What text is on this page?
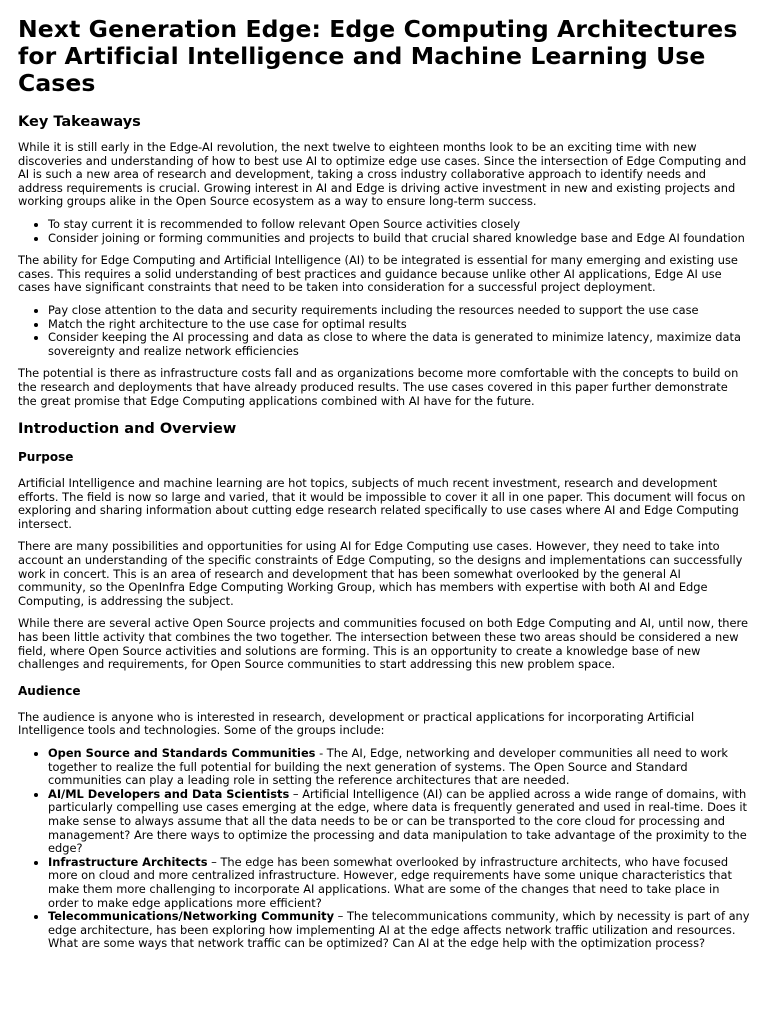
Next Generation Edge: Edge Computing Architectures for Artificial Intelligence and Machine Learning Use Cases
Key Takeaways

While it is still early in the Edge-AI revolution, the next twelve to eighteen months look to be an exciting time with new discoveries and understanding of how to best use AI to optimize edge use cases. Since the intersection of Edge Computing and AI is such a new area of research and development, taking a cross industry collaborative approach to identify needs and address requirements is crucial. Growing interest in AI and Edge is driving active investment in new and existing projects and working groups alike in the Open Source ecosystem as a way to ensure long-term success.

• To stay current it is recommended to follow relevant Open Source activities closely
• Consider joining or forming communities and projects to build that crucial shared knowledge base and Edge AI foundation

The ability for Edge Computing and Artificial Intelligence (AI) to be integrated is essential for many emerging and existing use cases. This requires a solid understanding of best practices and guidance because unlike other AI applications, Edge AI use cases have significant constraints that need to be taken into consideration for a successful project deployment.

• Pay close attention to the data and security requirements including the resources needed to support the use case
• Match the right architecture to the use case for optimal results
• Consider keeping the AI processing and data as close to where the data is generated to minimize latency, maximize data sovereignty and realize network efficiencies

The potential is there as infrastructure costs fall and as organizations become more comfortable with the concepts to build on the research and deployments that have already produced results. The use cases covered in this paper further demonstrate the great promise that Edge Computing applications combined with AI have for the future.

Introduction and Overview
Purpose

Artificial Intelligence and machine learning are hot topics, subjects of much recent investment, research and development efforts. The field is now so large and varied, that it would be impossible to cover it all in one paper. This document will focus on exploring and sharing information about cutting edge research related specifically to use cases where AI and Edge Computing intersect.

There are many possibilities and opportunities for using AI for Edge Computing use cases. However, they need to take into account an understanding of the specific constraints of Edge Computing, so the designs and implementations can successfully work in concert. This is an area of research and development that has been somewhat overlooked by the general AI community, so the OpenInfra Edge Computing Working Group, which has members with expertise with both AI and Edge Computing, is addressing the subject.

While there are several active Open Source projects and communities focused on both Edge Computing and AI, until now, there has been little activity that combines the two together. The intersection between these two areas should be considered a new field, where Open Source activities and solutions are forming. This is an opportunity to create a knowledge base of new challenges and requirements, for Open Source communities to start addressing this new problem space.

Audience

The audience is anyone who is interested in research, development or practical applications for incorporating Artificial Intelligence tools and technologies. Some of the groups include:

• Open Source and Standards Communities - The AI, Edge, networking and developer communities all need to work together to realize the full potential for building the next generation of systems. The Open Source and Standard communities can play a leading role in setting the reference architectures that are needed.
• AI/ML Developers and Data Scientists – Artificial Intelligence (AI) can be applied across a wide range of domains, with particularly compelling use cases emerging at the edge, where data is frequently generated and used in real-time. Does it make sense to always assume that all the data needs to be or can be transported to the core cloud for processing and management? Are there ways to optimize the processing and data manipulation to take advantage of the proximity to the edge?
• Infrastructure Architects – The edge has been somewhat overlooked by infrastructure architects, who have focused more on cloud and more centralized infrastructure. However, edge requirements have some unique characteristics that make them more challenging to incorporate AI applications. What are some of the changes that need to take place in order to make edge applications more efficient?
• Telecommunications/Networking Community – The telecommunications community, which by necessity is part of any edge architecture, has been exploring how implementing AI at the edge affects network traffic utilization and resources. What are some ways that network traffic can be optimized? Can AI at the edge help with the optimization process?
